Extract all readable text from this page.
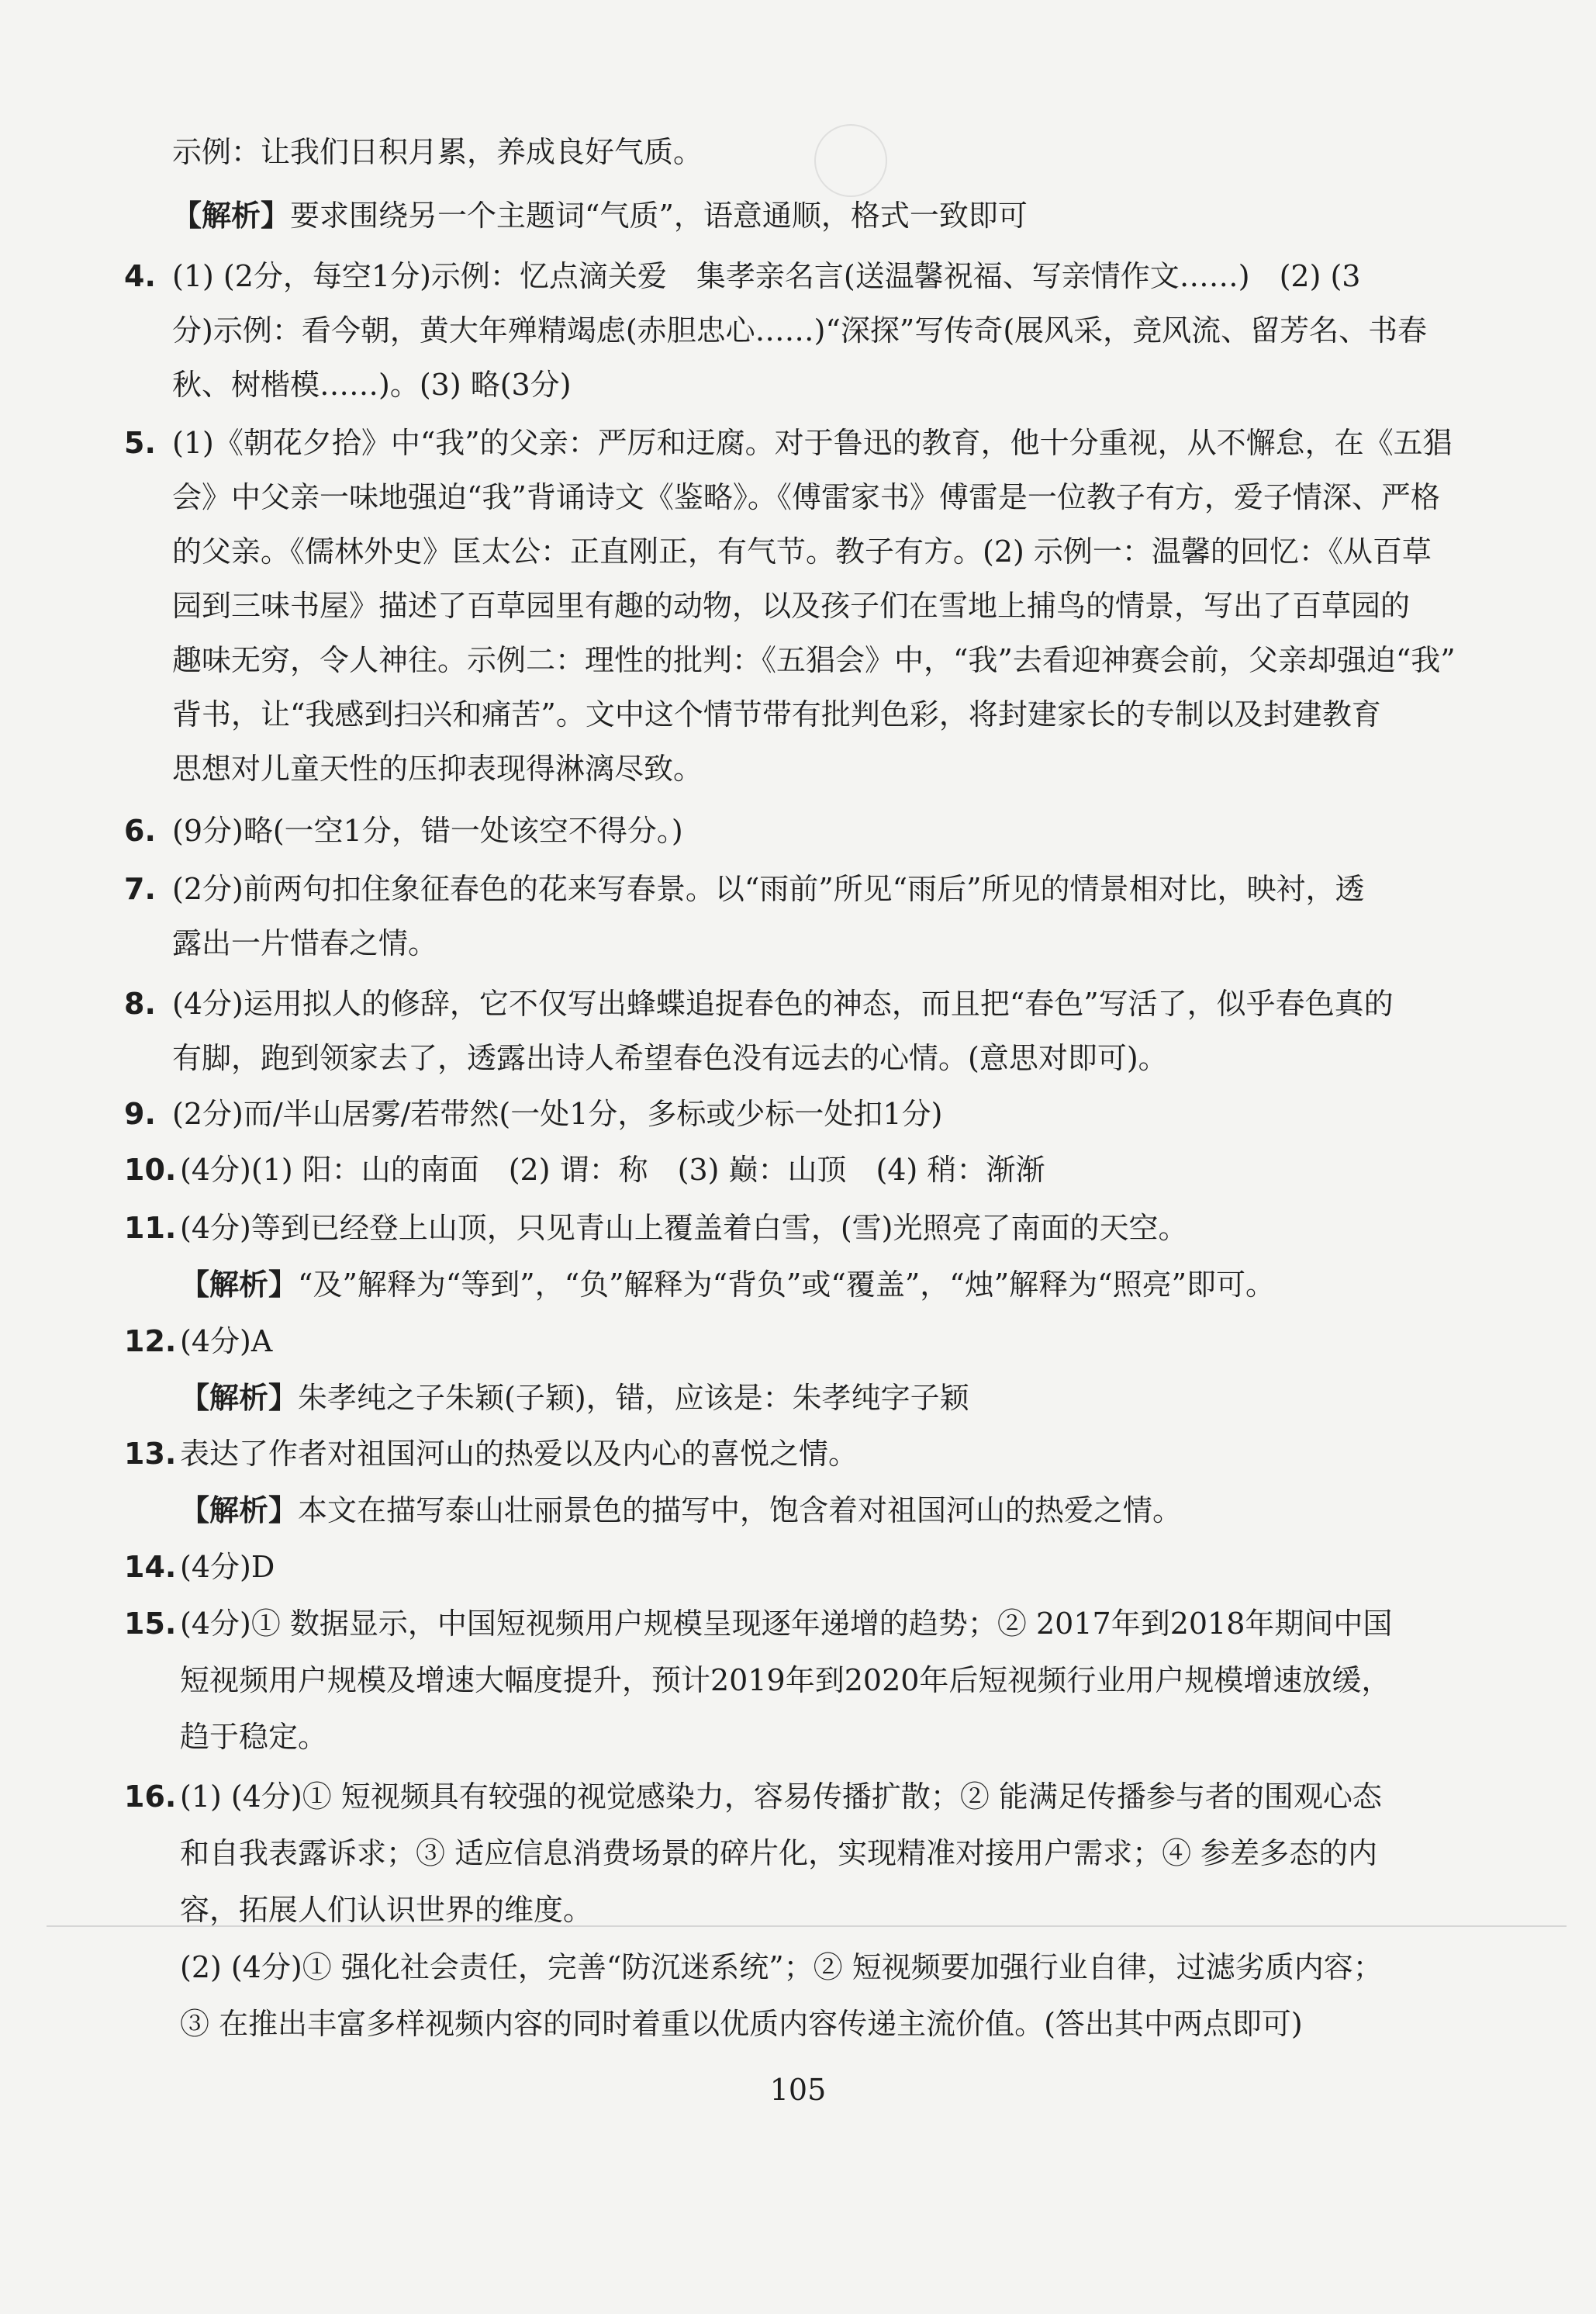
示例：让我们日积月累，养成良好气质。
【解析】要求围绕另一个主题词“气质”，语意通顺，格式一致即可
4. (1) (2分，每空1分)示例：忆点滴关爱　集孝亲名言(送温馨祝福、写亲情作文……)　(2) (3
分)示例：看今朝，黄大年殚精竭虑(赤胆忠心……)“深探”写传奇(展风采，竞风流、留芳名、书春
秋、树楷模……)。(3) 略(3分)
5. (1)《朝花夕拾》中“我”的父亲：严厉和迂腐。对于鲁迅的教育，他十分重视，从不懈怠，在《五猖
会》中父亲一味地强迫“我”背诵诗文《鉴略》。《傅雷家书》傅雷是一位教子有方，爱子情深、严格
的父亲。《儒林外史》匡太公：正直刚正，有气节。教子有方。(2) 示例一：温馨的回忆：《从百草
园到三味书屋》描述了百草园里有趣的动物，以及孩子们在雪地上捕鸟的情景，写出了百草园的
趣味无穷，令人神往。示例二：理性的批判：《五猖会》中，“我”去看迎神赛会前，父亲却强迫“我”
背书，让“我感到扫兴和痛苦”。文中这个情节带有批判色彩，将封建家长的专制以及封建教育
思想对儿童天性的压抑表现得淋漓尽致。
6. (9分)略(一空1分，错一处该空不得分。)
7. (2分)前两句扣住象征春色的花来写春景。以“雨前”所见“雨后”所见的情景相对比，映衬，透
露出一片惜春之情。
8. (4分)运用拟人的修辞，它不仅写出蜂蝶追捉春色的神态，而且把“春色”写活了，似乎春色真的
有脚，跑到领家去了，透露出诗人希望春色没有远去的心情。(意思对即可)。
9. (2分)而/半山居雾/若带然(一处1分，多标或少标一处扣1分)
10. (4分)(1) 阳：山的南面　(2) 谓：称　(3) 巅：山顶　(4) 稍：渐渐
11. (4分)等到已经登上山顶，只见青山上覆盖着白雪，(雪)光照亮了南面的天空。
【解析】“及”解释为“等到”，“负”解释为“背负”或“覆盖”，“烛”解释为“照亮”即可。
12. (4分)A
【解析】朱孝纯之子朱颖(子颖)，错，应该是：朱孝纯字子颖
13. 表达了作者对祖国河山的热爱以及内心的喜悦之情。
【解析】本文在描写泰山壮丽景色的描写中，饱含着对祖国河山的热爱之情。
14. (4分)D
15. (4分)① 数据显示，中国短视频用户规模呈现逐年递增的趋势；② 2017年到2018年期间中国
短视频用户规模及增速大幅度提升，预计2019年到2020年后短视频行业用户规模增速放缓，
趋于稳定。
16. (1) (4分)① 短视频具有较强的视觉感染力，容易传播扩散；② 能满足传播参与者的围观心态
和自我表露诉求；③ 适应信息消费场景的碎片化，实现精准对接用户需求；④ 参差多态的内
容，拓展人们认识世界的维度。
(2) (4分)① 强化社会责任，完善“防沉迷系统”；② 短视频要加强行业自律，过滤劣质内容；
③ 在推出丰富多样视频内容的同时着重以优质内容传递主流价值。(答出其中两点即可)
105
